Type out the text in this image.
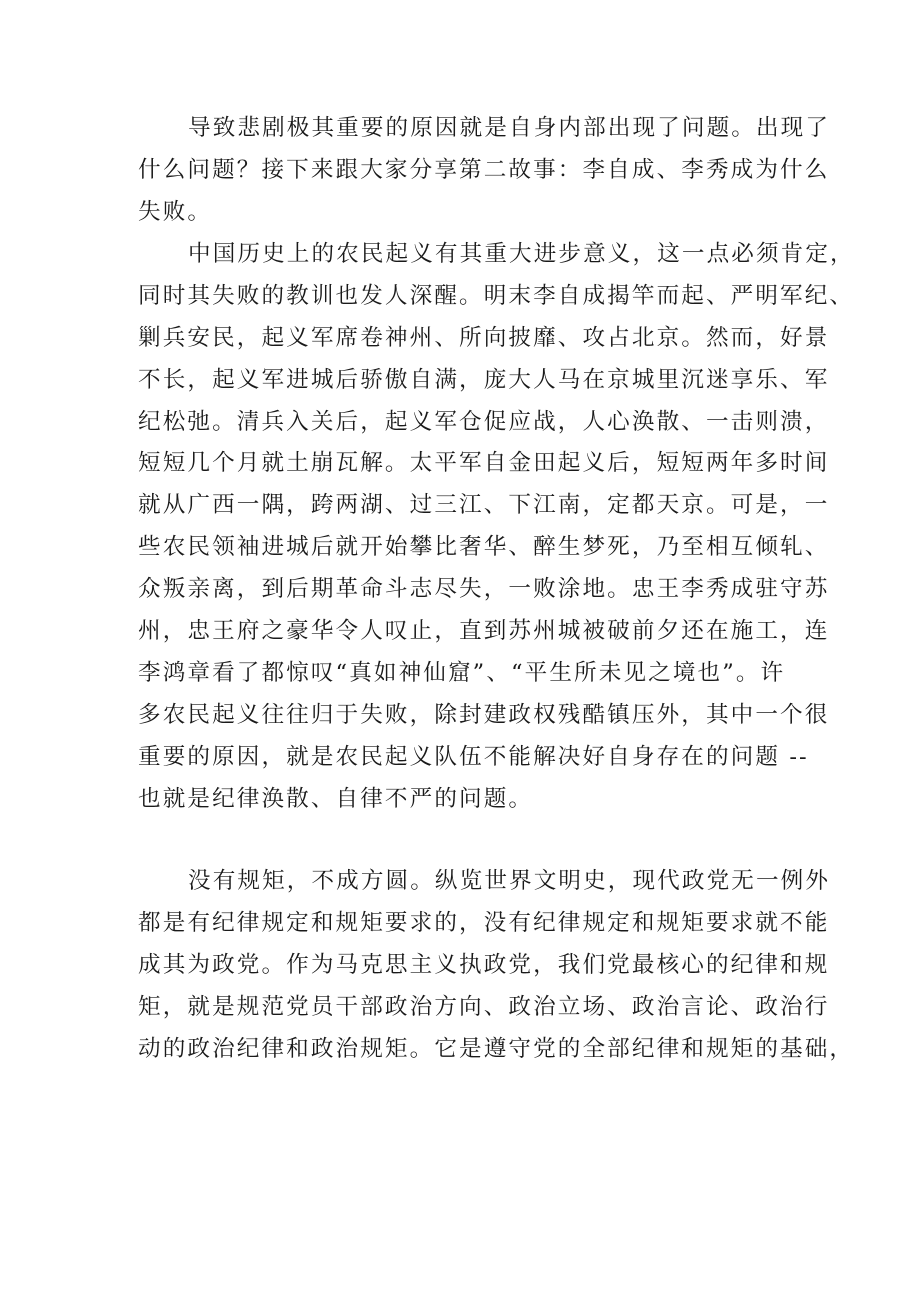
导致悲剧极其重要的原因就是自身内部出现了问题。出现了
什么问题？接下来跟大家分享第二故事：李自成、李秀成为什么
失败。
中国历史上的农民起义有其重大进步意义，这一点必须肯定，
同时其失败的教训也发人深醒。明末李自成揭竿而起、严明军纪、
剿兵安民，起义军席卷神州、所向披靡、攻占北京。然而，好景
不长，起义军进城后骄傲自满，庞大人马在京城里沉迷享乐、军
纪松弛。清兵入关后，起义军仓促应战，人心涣散、一击则溃，
短短几个月就土崩瓦解。太平军自金田起义后，短短两年多时间
就从广西一隅，跨两湖、过三江、下江南，定都天京。可是，一
些农民领袖进城后就开始攀比奢华、醉生梦死，乃至相互倾轧、
众叛亲离，到后期革命斗志尽失，一败涂地。忠王李秀成驻守苏
州，忠王府之豪华令人叹止，直到苏州城被破前夕还在施工，连
李鸿章看了都惊叹“真如神仙窟”、“平生所未见之境也”。许
多农民起义往往归于失败，除封建政权残酷镇压外，其中一个很
重要的原因，就是农民起义队伍不能解决好自身存在的问题 --
也就是纪律涣散、自律不严的问题。
没有规矩，不成方圆。纵览世界文明史，现代政党无一例外
都是有纪律规定和规矩要求的，没有纪律规定和规矩要求就不能
成其为政党。作为马克思主义执政党，我们党最核心的纪律和规
矩，就是规范党员干部政治方向、政治立场、政治言论、政治行
动的政治纪律和政治规矩。它是遵守党的全部纪律和规矩的基础，
